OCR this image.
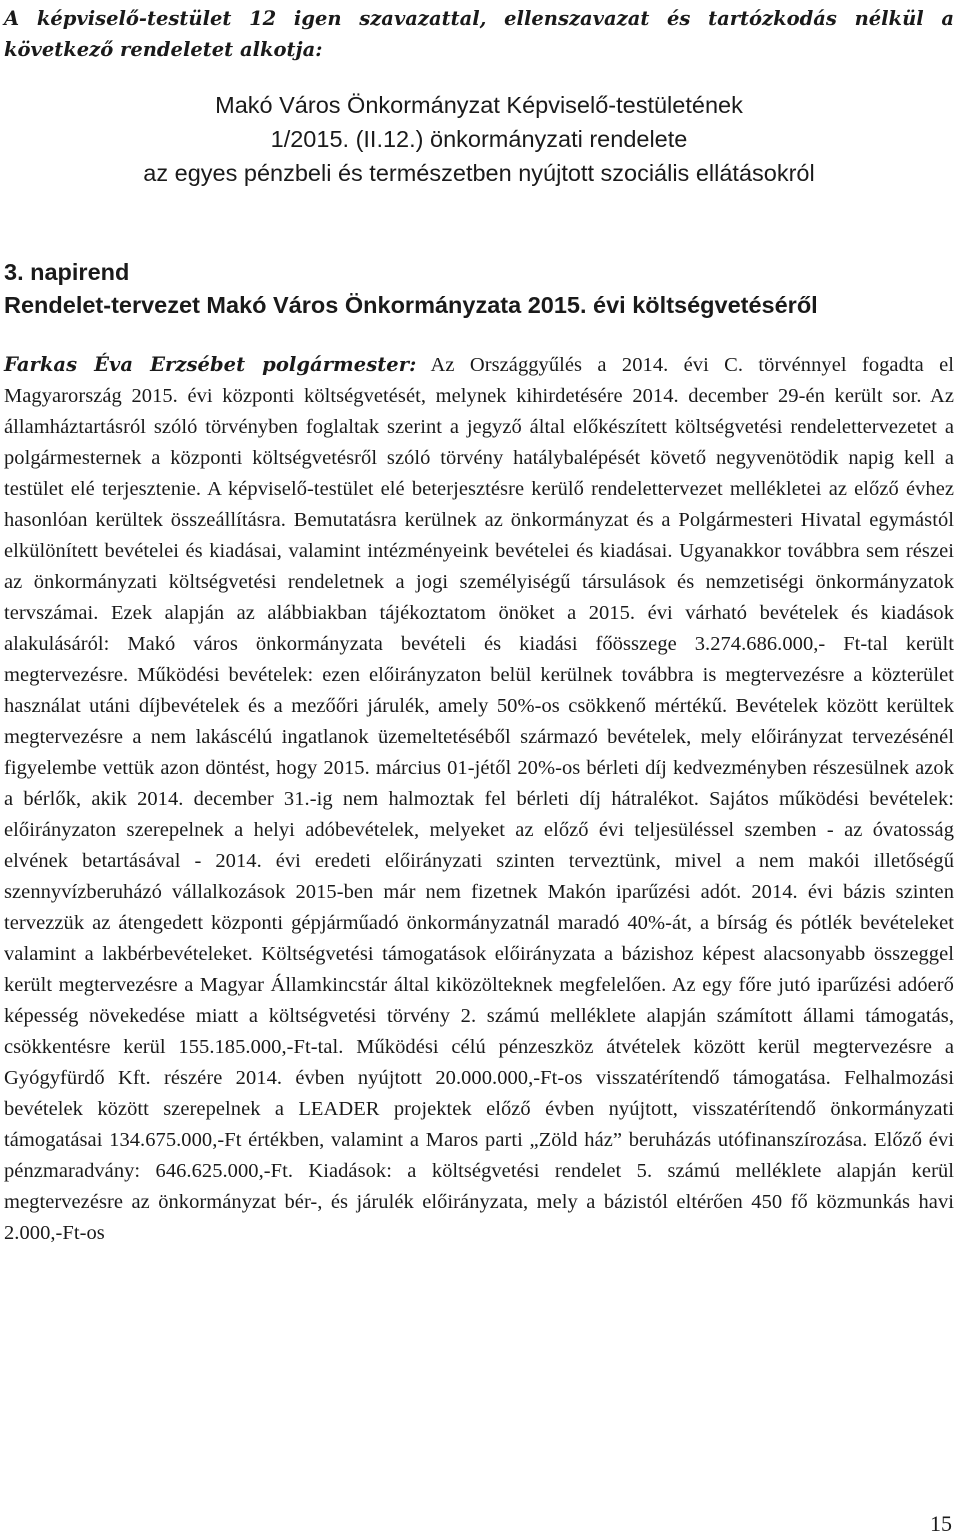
A képviselő-testület 12 igen szavazattal, ellenszavazat és tartózkodás nélkül a következő rendeletet alkotja:

Makó Város Önkormányzat Képviselő-testületének
1/2015. (II.12.) önkormányzati rendelete
az egyes pénzbeli és természetben nyújtott szociális ellátásokról
3. napirend
Rendelet-tervezet Makó Város Önkormányzata 2015. évi költségvetéséről

Farkas Éva Erzsébet polgármester: Az Országgyűlés a 2014. évi C. törvénnyel fogadta el Magyarország 2015. évi központi költségvetését, melynek kihirdetésére 2014. december 29-én került sor. Az államháztartásról szóló törvényben foglaltak szerint a jegyző által előkészített költségvetési rendelettervezetet a polgármesternek a központi költségvetésről szóló törvény hatálybalépését követő negyvenötödik napig kell a testület elé terjesztenie. A képviselő-testület elé beterjesztésre kerülő rendelettervezet mellékletei az előző évhez hasonlóan kerültek összeállításra. Bemutatásra kerülnek az önkormányzat és a Polgármesteri Hivatal egymástól elkülönített bevételei és kiadásai, valamint intézményeink bevételei és kiadásai. Ugyanakkor továbbra sem részei az önkormányzati költségvetési rendeletnek a jogi személyiségű társulások és nemzetiségi önkormányzatok tervszámai. Ezek alapján az alábbiakban tájékoztatom önöket a 2015. évi várható bevételek és kiadások alakulásáról: Makó város önkormányzata bevételi és kiadási főösszege 3.274.686.000,- Ft-tal került megtervezésre. Működési bevételek: ezen előirányzaton belül kerülnek továbbra is megtervezésre a közterület használat utáni díjbevételek és a mezőőri járulék, amely 50%-os csökkenő mértékű. Bevételek között kerültek megtervezésre a nem lakáscélú ingatlanok üzemeltetéséből származó bevételek, mely előirányzat tervezésénél figyelembe vettük azon döntést, hogy 2015. március 01-jétől 20%-os bérleti díj kedvezményben részesülnek azok a bérlők, akik 2014. december 31.-ig nem halmoztak fel bérleti díj hátralékot. Sajátos működési bevételek: előirányzaton szerepelnek a helyi adóbevételek, melyeket az előző évi teljesüléssel szemben - az óvatosság elvének betartásával - 2014. évi eredeti előirányzati szinten terveztünk, mivel a nem makói illetőségű szennyvízberuházó vállalkozások 2015-ben már nem fizetnek Makón iparűzési adót. 2014. évi bázis szinten tervezzük az átengedett központi gépjárműadó önkormányzatnál maradó 40%-át, a bírság és pótlék bevételeket valamint a lakbérbevételeket. Költségvetési támogatások előirányzata a bázishoz képest alacsonyabb összeggel került megtervezésre a Magyar Államkincstár által kiközölteknek megfelelően. Az egy főre jutó iparűzési adóerő képesség növekedése miatt a költségvetési törvény 2. számú melléklete alapján számított állami támogatás, csökkentésre kerül 155.185.000,-Ft-tal. Működési célú pénzeszköz átvételek között kerül megtervezésre a Gyógyfürdő Kft. részére 2014. évben nyújtott 20.000.000,-Ft-os visszatérítendő támogatása. Felhalmozási bevételek között szerepelnek a LEADER projektek előző évben nyújtott, visszatérítendő önkormányzati támogatásai 134.675.000,-Ft értékben, valamint a Maros parti „Zöld ház” beruházás utófinanszírozása. Előző évi pénzmaradvány: 646.625.000,-Ft. Kiadások: a költségvetési rendelet 5. számú melléklete alapján kerül megtervezésre az önkormányzat bér-, és járulék előirányzata, mely a bázistól eltérően 450 fő közmunkás havi 2.000,-Ft-os

15
